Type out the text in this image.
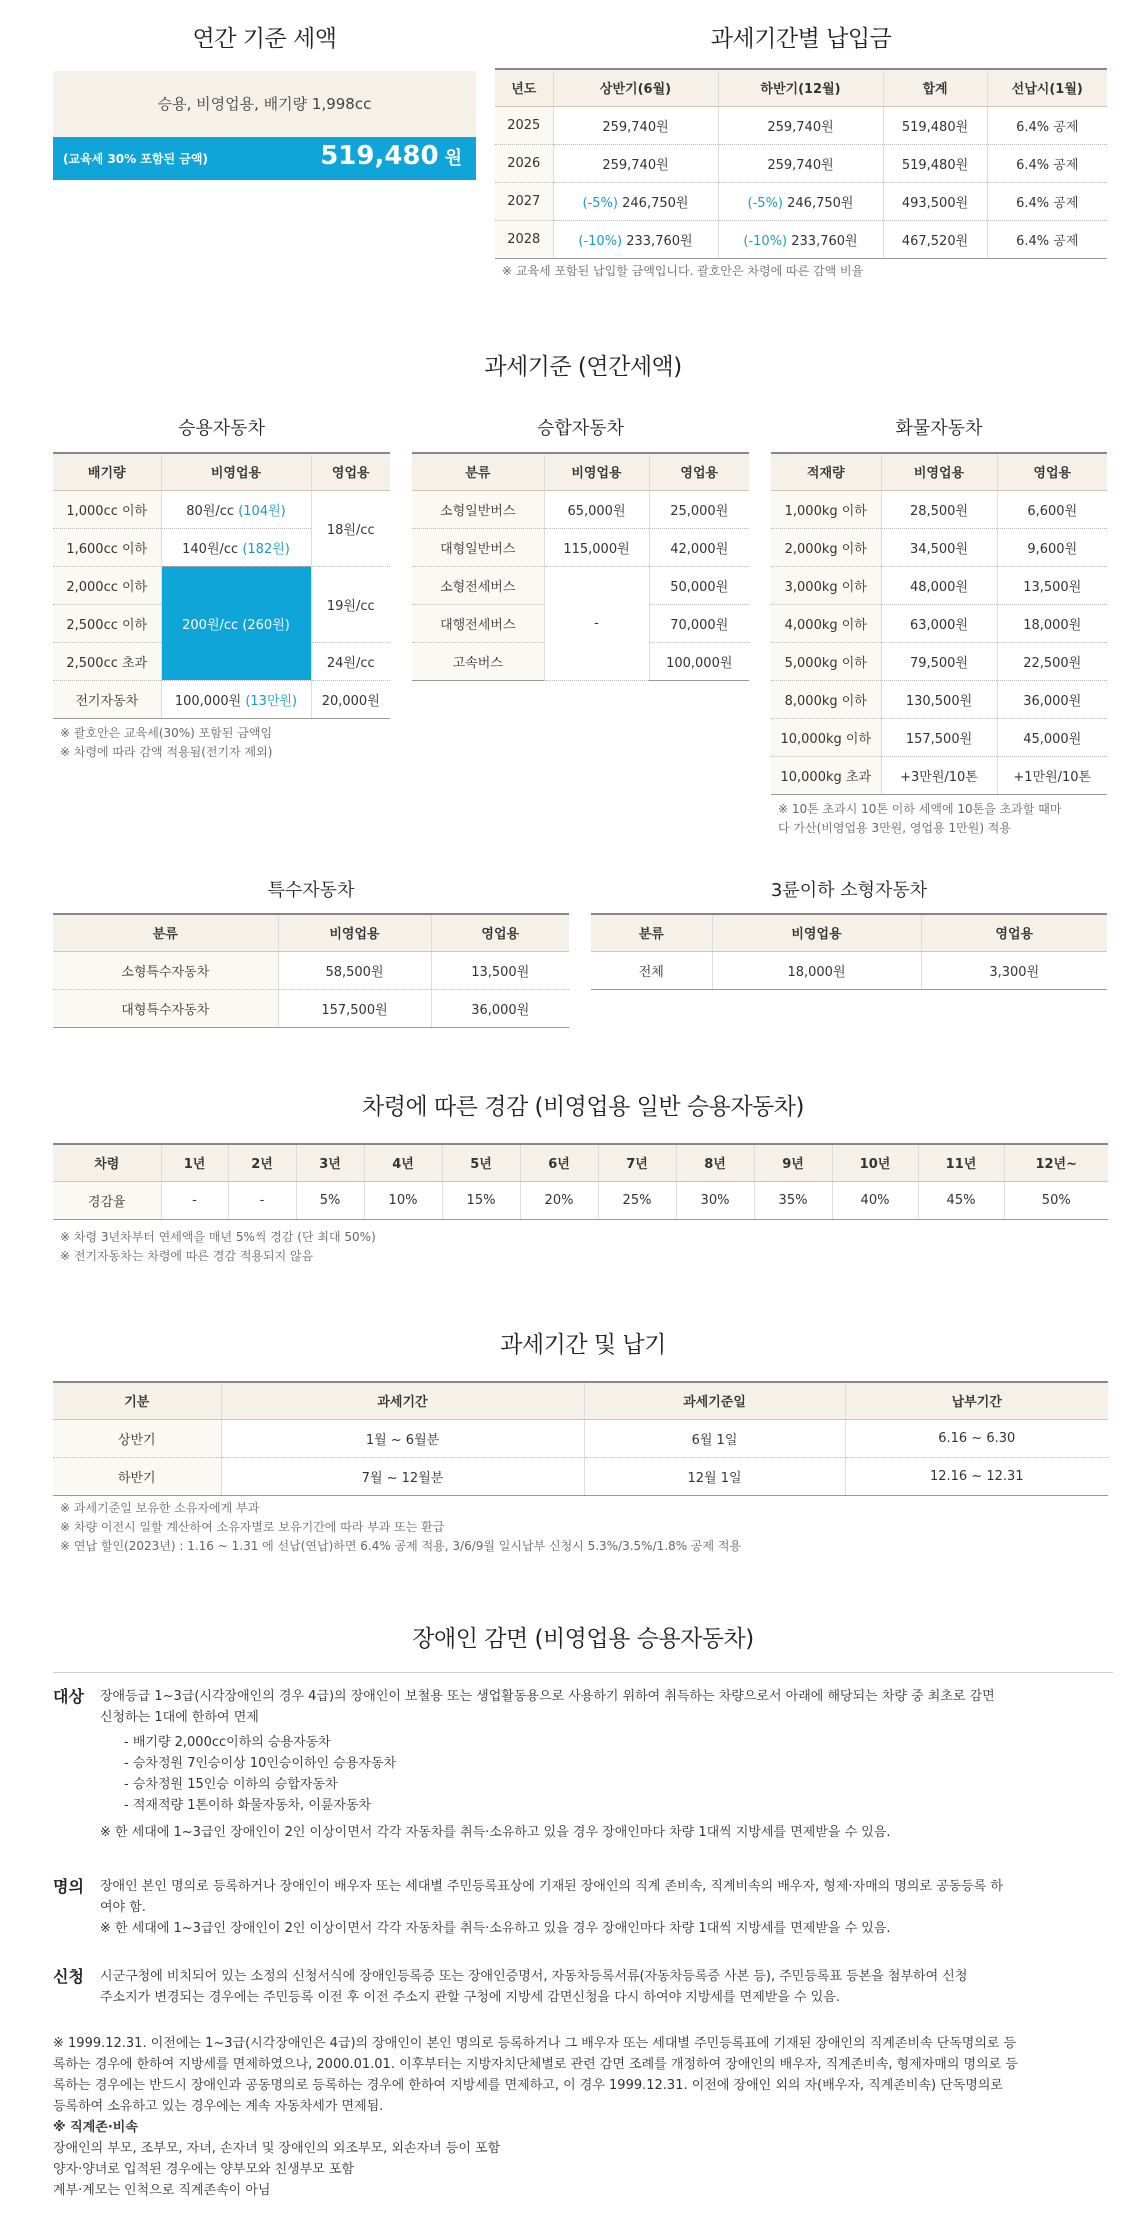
연간 기준 세액
승용, 비영업용, 배기량 1,998cc
(교육세 30% 포함된 금액)	519,480 원
과세기간별 납입금
년도	상반기(6월)	하반기(12월)	합계	선납시(1월)
2025	259,740원	259,740원	519,480원	6.4% 공제
2026	259,740원	259,740원	519,480원	6.4% 공제
2027	(-5%) 246,750원	(-5%) 246,750원	493,500원	6.4% 공제
2028	(-10%) 233,760원	(-10%) 233,760원	467,520원	6.4% 공제
※ 교육세 포함된 납입할 금액입니다. 괄호안은 차령에 따른 감액 비율
과세기준 (연간세액)
승용자동차
배기량	비영업용	영업용
1,000cc 이하	80원/cc (104원)	18원/cc
1,600cc 이하	140원/cc (182원)	
2,000cc 이하	200원/cc (260원)	19원/cc
2,500cc 이하		
2,500cc 초과		24원/cc
전기자동차	100,000원 (13만원)	20,000원
※ 괄호안은 교육세(30%) 포함된 금액임
※ 차령에 따라 감액 적용됨(전기자 제외)
승합자동차
분류	비영업용	영업용
소형일반버스	65,000원	25,000원
대형일반버스	115,000원	42,000원
소형전세버스	-	50,000원
대행전세버스		70,000원
고속버스		100,000원
화물자동차
적재량	비영업용	영업용
1,000kg 이하	28,500원	6,600원
2,000kg 이하	34,500원	9,600원
3,000kg 이하	48,000원	13,500원
4,000kg 이하	63,000원	18,000원
5,000kg 이하	79,500원	22,500원
8,000kg 이하	130,500원	36,000원
10,000kg 이하	157,500원	45,000원
10,000kg 초과	+3만원/10톤	+1만원/10톤
※ 10톤 초과시 10톤 이하 세액에 10톤을 초과할 때마
다 가산(비영업용 3만원, 영업용 1만원) 적용
특수자동차
분류	비영업용	영업용
소형특수자동차	58,500원	13,500원
대형특수자동차	157,500원	36,000원
3륜이하 소형자동차
분류	비영업용	영업용
전체	18,000원	3,300원
차령에 따른 경감 (비영업용 일반 승용자동차)
차령	1년	2년	3년	4년	5년	6년	7년	8년	9년	10년	11년	12년~
경감율	-	-	5%	10%	15%	20%	25%	30%	35%	40%	45%	50%
※ 차령 3년차부터 연세액을 매년 5%씩 경감 (단 최대 50%)
※ 전기자동차는 차령에 따른 경감 적용되지 않음
과세기간 및 납기
기분	과세기간	과세기준일	납부기간
상반기	1월 ~ 6월분	6월 1일	6.16 ~ 6.30
하반기	7월 ~ 12월분	12월 1일	12.16 ~ 12.31
※ 과세기준일 보유한 소유자에게 부과
※ 차량 이전시 일할 계산하여 소유자별로 보유기간에 따라 부과 또는 환급
※ 연납 할인(2023년) : 1.16 ~ 1.31 에 선납(연납)하면 6.4% 공제 적용, 3/6/9월 일시납부 신청시 5.3%/3.5%/1.8% 공제 적용
장애인 감면 (비영업용 승용자동차)
대상 장애등급 1~3급(시각장애인의 경우 4급)의 장애인이 보철용 또는 생업활동용으로 사용하기 위하여 취득하는 차량으로서 아래에 해당되는 차량 중 최초로 감면
신청하는 1대에 한하여 면제
- 배기량 2,000cc이하의 승용자동차
- 승차정원 7인승이상 10인승이하인 승용자동차
- 승차정원 15인승 이하의 승합자동차
- 적재적량 1톤이하 화물자동차, 이륜자동차
※ 한 세대에 1~3급인 장애인이 2인 이상이면서 각각 자동차를 취득·소유하고 있을 경우 장애인마다 차량 1대씩 지방세를 면제받을 수 있음.
명의 장애인 본인 명의로 등록하거나 장애인이 배우자 또는 세대별 주민등록표상에 기재된 장애인의 직계 존비속, 직계비속의 배우자, 형제·자매의 명의로 공동등록 하
여야 함.
※ 한 세대에 1~3급인 장애인이 2인 이상이면서 각각 자동차를 취득·소유하고 있을 경우 장애인마다 차량 1대씩 지방세를 면제받을 수 있음.
신청 시군구청에 비치되어 있는 소정의 신청서식에 장애인등록증 또는 장애인증명서, 자동차등록서류(자동차등록증 사본 등), 주민등록표 등본을 첨부하여 신청
주소지가 변경되는 경우에는 주민등록 이전 후 이전 주소지 관할 구청에 지방세 감면신청을 다시 하여야 지방세를 면제받을 수 있음.
※ 1999.12.31. 이전에는 1~3급(시각장애인은 4급)의 장애인이 본인 명의로 등록하거나 그 배우자 또는 세대별 주민등록표에 기재된 장애인의 직계존비속 단독명의로 등
록하는 경우에 한하여 지방세를 면제하였으나, 2000.01.01. 이후부터는 지방자치단체별로 관련 감면 조례를 개정하여 장애인의 배우자, 직계존비속, 형제자매의 명의로 등
록하는 경우에는 반드시 장애인과 공동명의로 등록하는 경우에 한하여 지방세를 면제하고, 이 경우 1999.12.31. 이전에 장애인 외의 자(배우자, 직계존비속) 단독명의로
등록하여 소유하고 있는 경우에는 계속 자동차세가 면제됨.
※ 직계존·비속
장애인의 부모, 조부모, 자녀, 손자녀 및 장애인의 외조부모, 외손자녀 등이 포함
양자·양녀로 입적된 경우에는 양부모와 친생부모 포함
계부·계모는 인척으로 직계존속이 아님
